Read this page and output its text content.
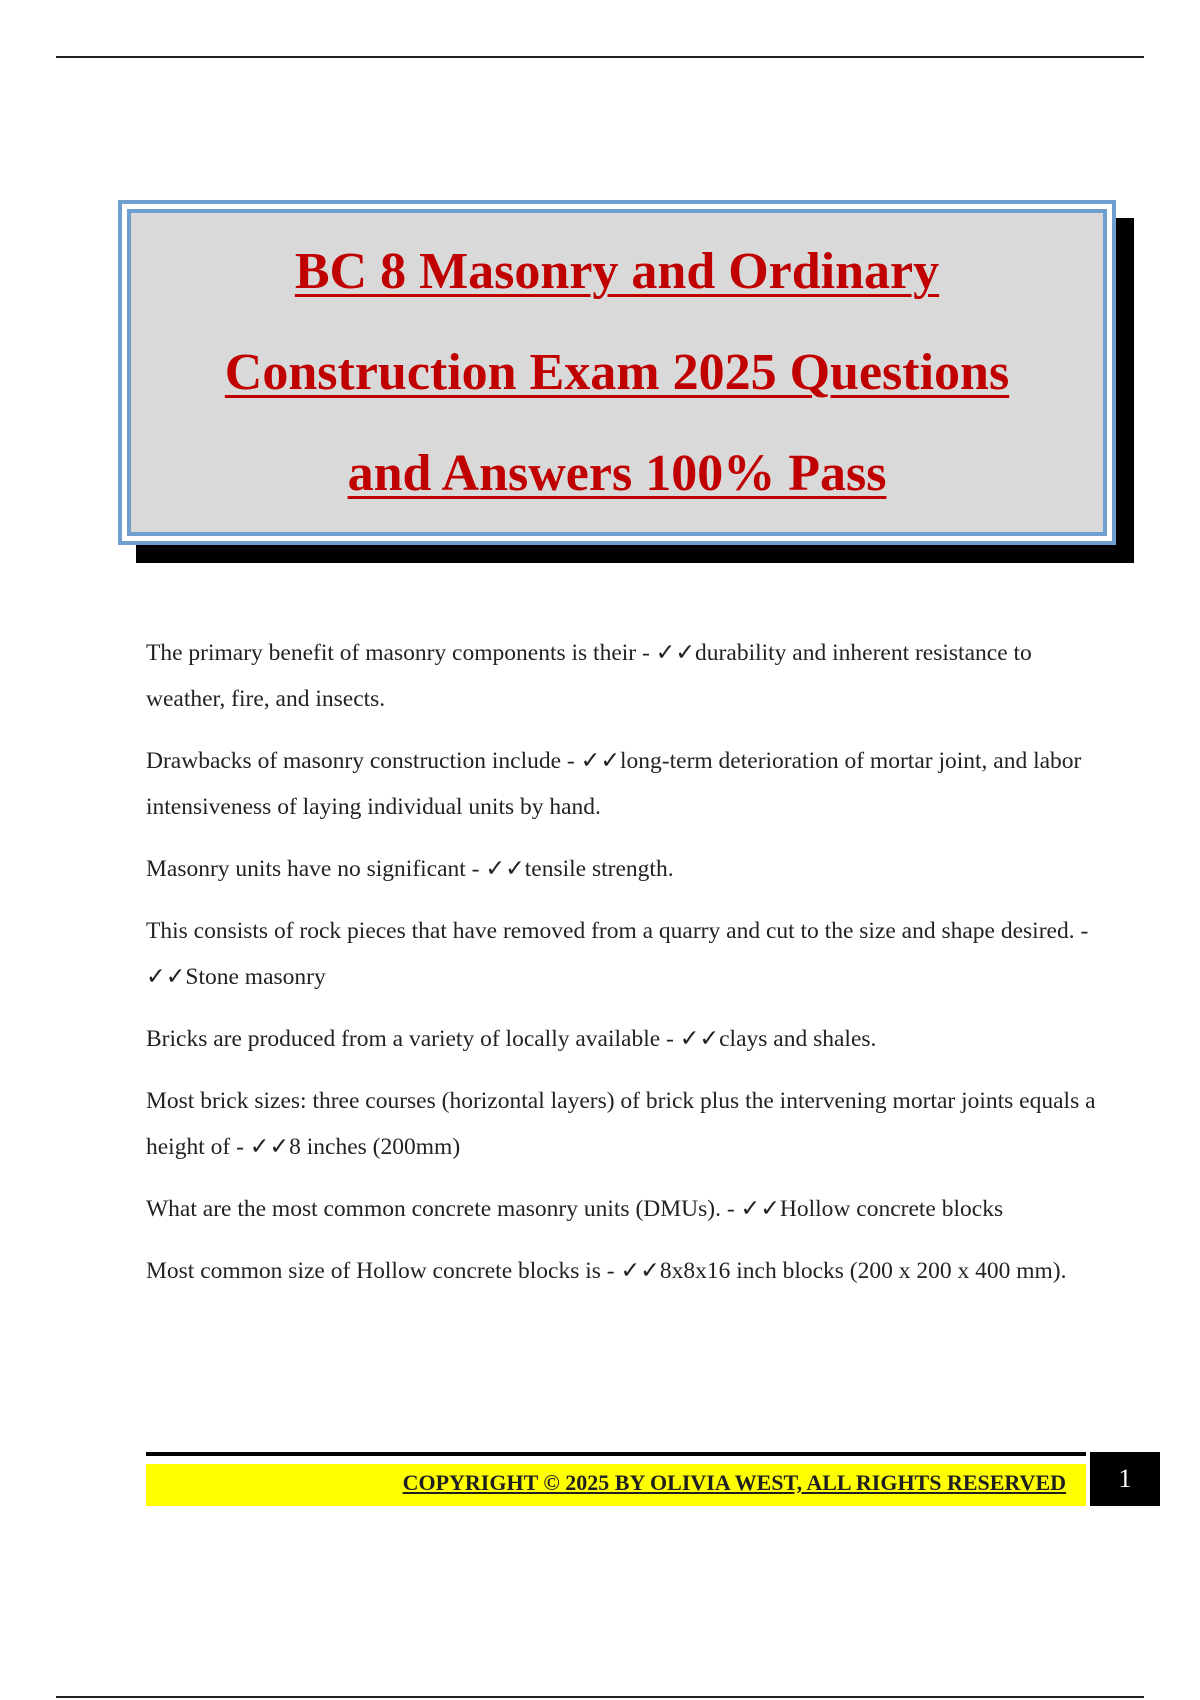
BC 8 Masonry and Ordinary
Construction Exam 2025 Questions
and Answers 100% Pass

The primary benefit of masonry components is their - ✓✓durability and inherent resistance to weather, fire, and insects.

Drawbacks of masonry construction include - ✓✓long-term deterioration of mortar joint, and labor intensiveness of laying individual units by hand.

Masonry units have no significant - ✓✓tensile strength.

This consists of rock pieces that have removed from a quarry and cut to the size and shape desired. - ✓✓Stone masonry

Bricks are produced from a variety of locally available - ✓✓clays and shales.

Most brick sizes: three courses (horizontal layers) of brick plus the intervening mortar joints equals a height of - ✓✓8 inches (200mm)

What are the most common concrete masonry units (DMUs). - ✓✓Hollow concrete blocks

Most common size of Hollow concrete blocks is - ✓✓8x8x16 inch blocks (200 x 200 x 400 mm).

COPYRIGHT © 2025 BY OLIVIA WEST, ALL RIGHTS RESERVED	1
